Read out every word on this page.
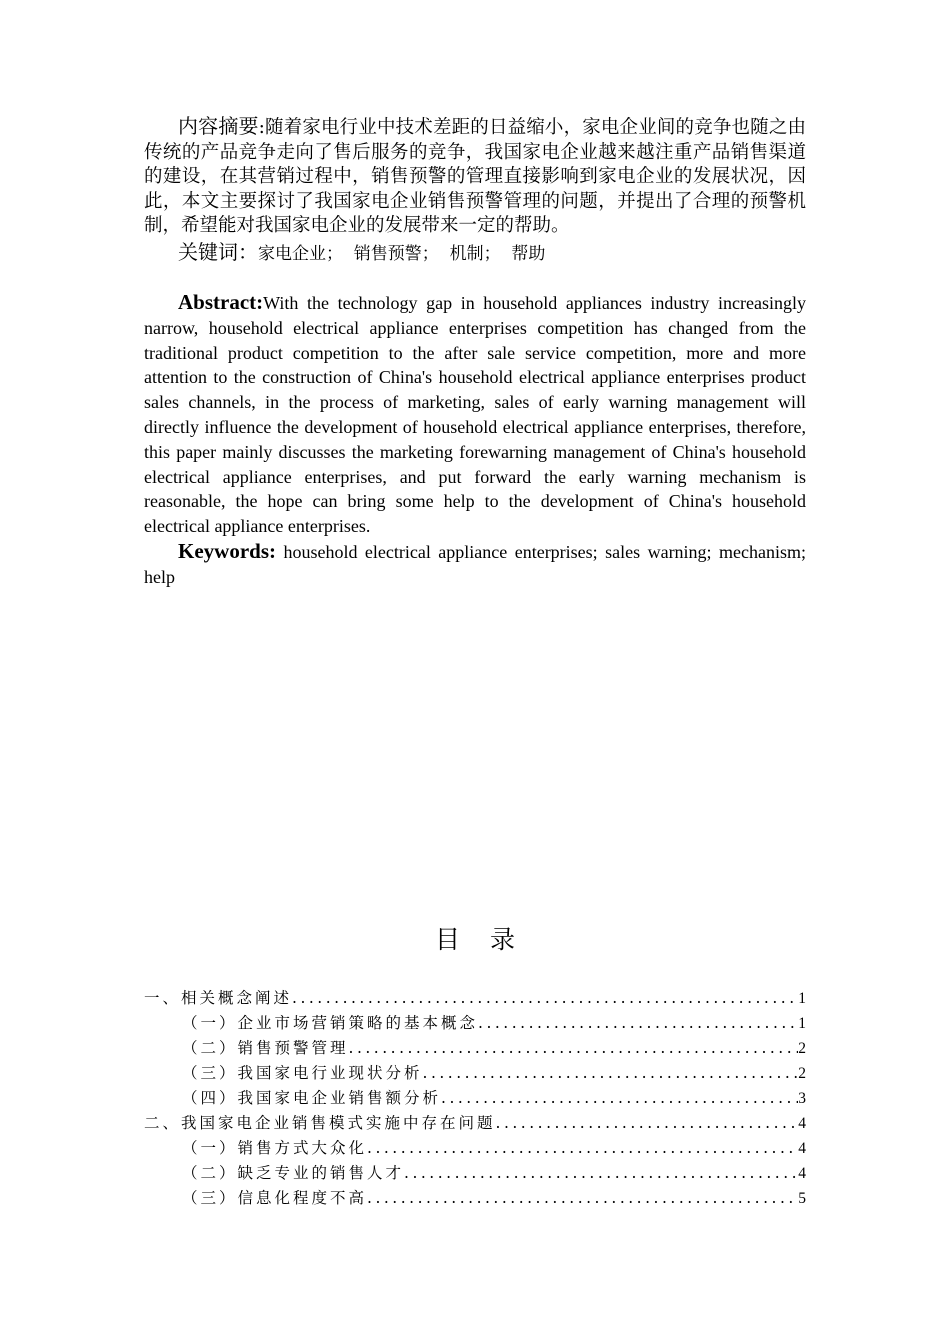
内容摘要:随着家电行业中技术差距的日益缩小，家电企业间的竞争也随之由传统的产品竞争走向了售后服务的竞争，我国家电企业越来越注重产品销售渠道的建设，在其营销过程中，销售预警的管理直接影响到家电企业的发展状况，因此，本文主要探讨了我国家电企业销售预警管理的问题，并提出了合理的预警机制，希望能对我国家电企业的发展带来一定的帮助。

关键词：家电企业；  销售预警；  机制；  帮助

Abstract:With the technology gap in household appliances industry increasingly narrow, household electrical appliance enterprises competition has changed from the traditional product competition to the after sale service competition, more and more attention to the construction of China's household electrical appliance enterprises product sales channels, in the process of marketing, sales of early warning management will directly influence the development of household electrical appliance enterprises, therefore, this paper mainly discusses the marketing forewarning management of China's household electrical appliance enterprises, and put forward the early warning mechanism is reasonable, the hope can bring some help to the development of China's household electrical appliance enterprises.

Keywords: household electrical appliance enterprises; sales warning; mechanism; help

目录
一、相关概念阐述 .....	1
（一）企业市场营销策略的基本概念 .....	1
（二）销售预警管理 .....	2
（三）我国家电行业现状分析 .....	2
（四）我国家电企业销售额分析 .....	3
二、我国家电企业销售模式实施中存在问题 .....	4
（一）销售方式大众化 .....	4
（二）缺乏专业的销售人才 .....	4
（三）信息化程度不高 .....	5
